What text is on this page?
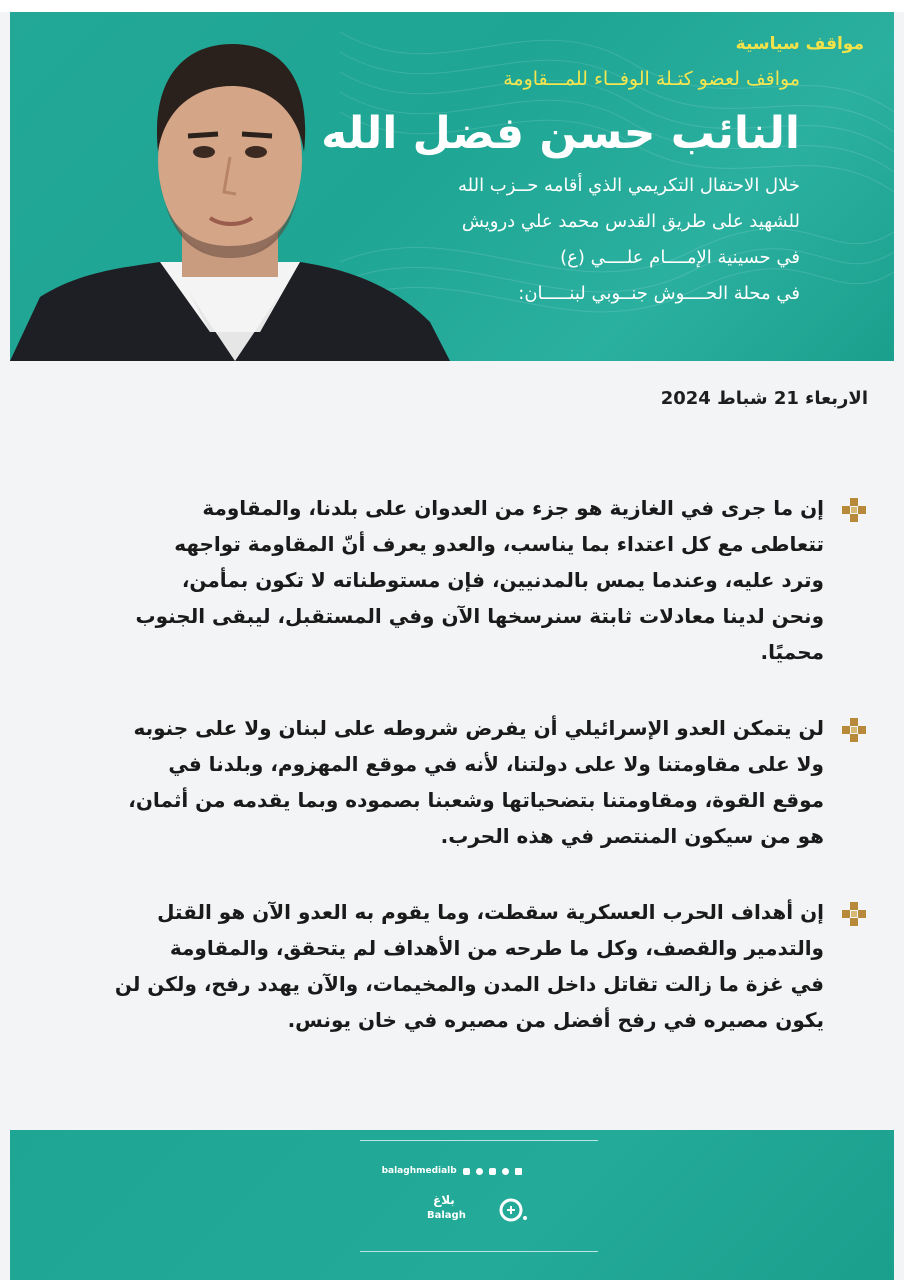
مواقف سياسية
مواقف لعضو كتـلة الوفــاء للمـــقاومة
النائب حسن فضل الله
خلال الاحتفال التكريمي الذي أقامه حــزب الله
للشهيد على طريق القدس محمد علي درويش
في حسينية الإمــــام علــــي (ع)
في محلة الحــــوش جنــوبي لبنـــــان:
الاربعاء 21 شباط 2024
إن ما جرى في الغازية هو جزء من العدوان على بلدنا، والمقاومة
تتعاطى مع كل اعتداء بما يناسب، والعدو يعرف أنّ المقاومة تواجهه
وترد عليه، وعندما يمس بالمدنيين، فإن مستوطناته لا تكون بمأمن،
ونحن لدينا معادلات ثابتة سنرسخها الآن وفي المستقبل، ليبقى الجنوب
محميًا.
لن يتمكن العدو الإسرائيلي أن يفرض شروطه على لبنان ولا على جنوبه
ولا على مقاومتنا ولا على دولتنا، لأنه في موقع المهزوم، وبلدنا في
موقع القوة، ومقاومتنا بتضحياتها وشعبنا بصموده وبما يقدمه من أثمان،
هو من سيكون المنتصر في هذه الحرب.
إن أهداف الحرب العسكرية سقطت، وما يقوم به العدو الآن هو القتل
والتدمير والقصف، وكل ما طرحه من الأهداف لم يتحقق، والمقاومة
في غزة ما زالت تقاتل داخل المدن والمخيمات، والآن يهدد رفح، ولكن لن
يكون مصيره في رفح أفضل من مصيره في خان يونس.
balaghmedialb
بلاغ
Balagh
